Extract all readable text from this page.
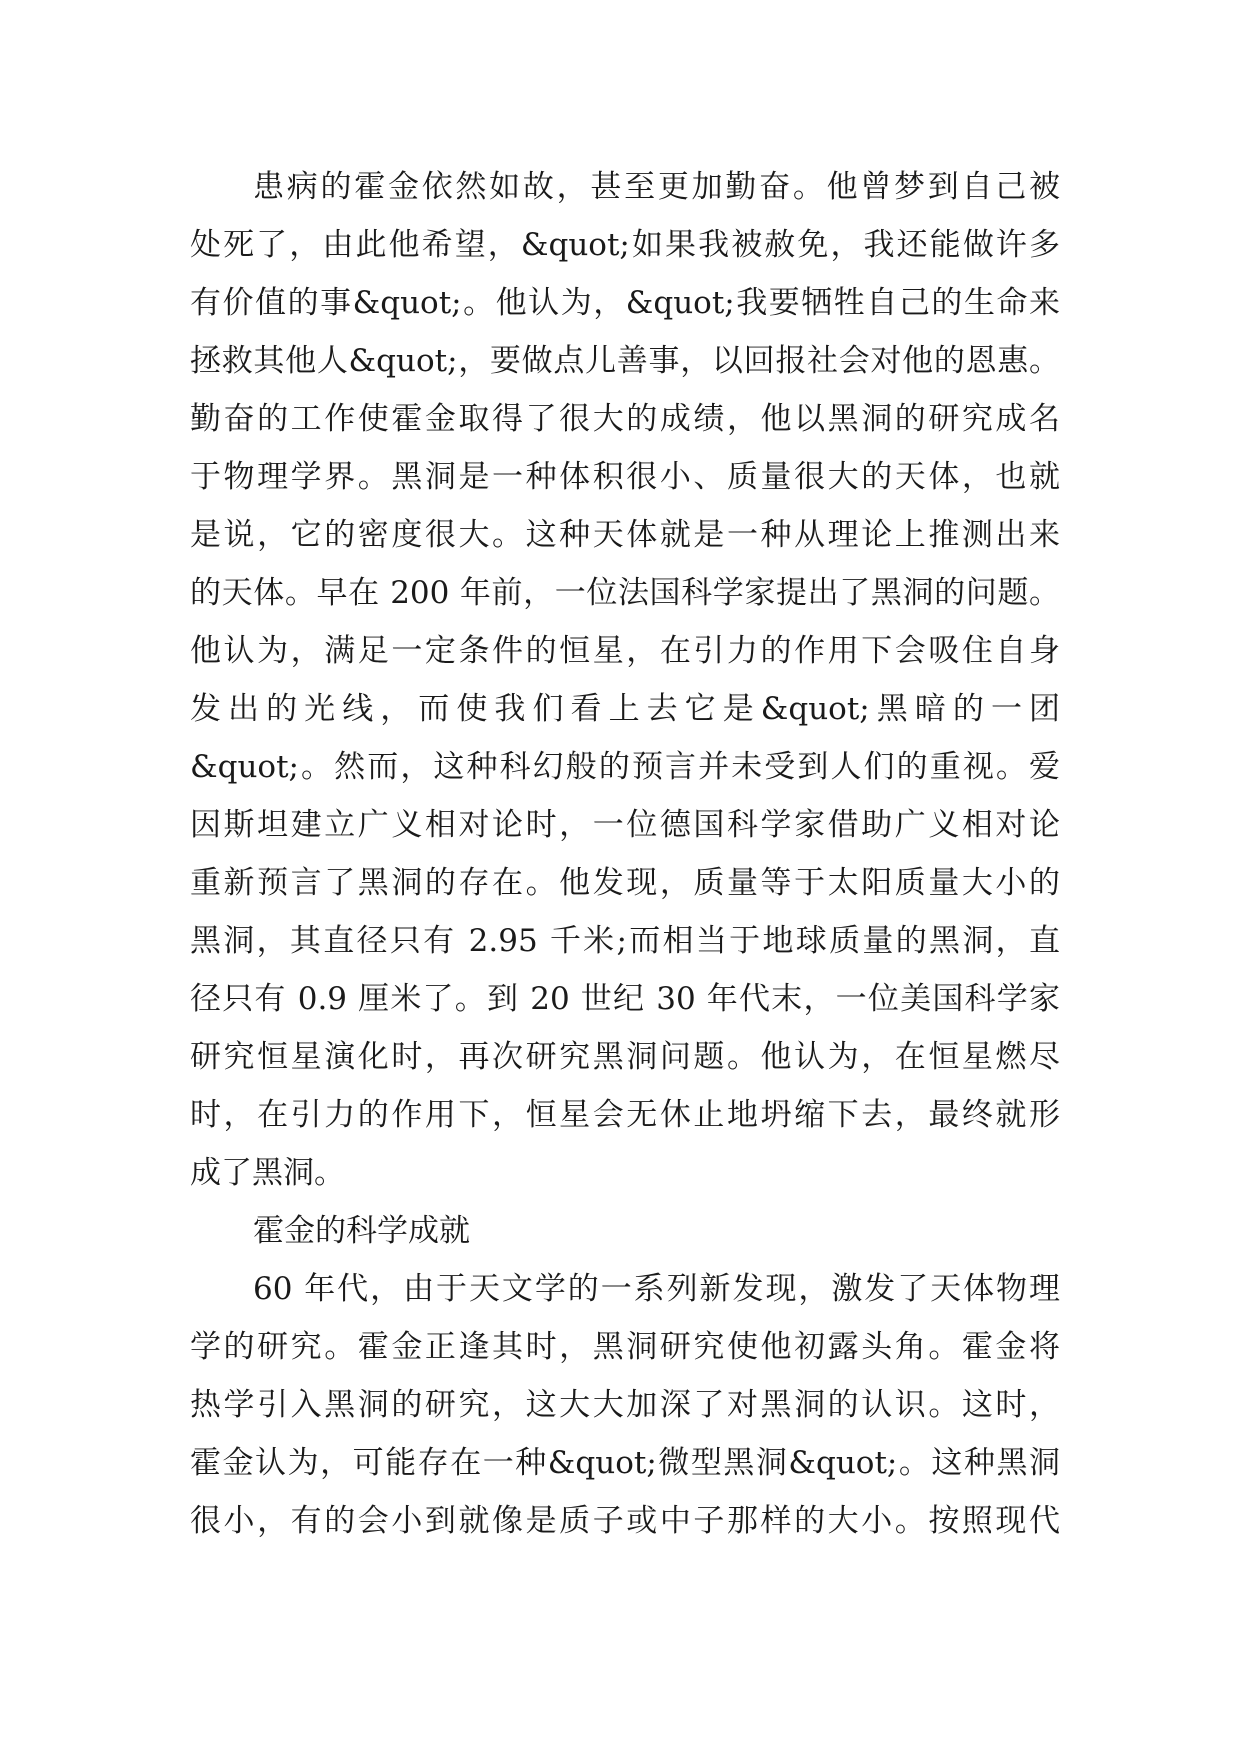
患病的霍金依然如故，甚至更加勤奋。他曾梦到自己被
处死了，由此他希望，&quot;如果我被赦免，我还能做许多
有价值的事&quot;。他认为，&quot;我要牺牲自己的生命来
拯救其他人&quot;，要做点儿善事，以回报社会对他的恩惠。
勤奋的工作使霍金取得了很大的成绩，他以黑洞的研究成名
于物理学界。黑洞是一种体积很小、质量很大的天体，也就
是说，它的密度很大。这种天体就是一种从理论上推测出来
的天体。早在 200 年前，一位法国科学家提出了黑洞的问题。
他认为，满足一定条件的恒星，在引力的作用下会吸住自身
发出的光线，而使我们看上去它是&quot;黑暗的一团
&quot;。然而，这种科幻般的预言并未受到人们的重视。爱
因斯坦建立广义相对论时，一位德国科学家借助广义相对论
重新预言了黑洞的存在。他发现，质量等于太阳质量大小的
黑洞，其直径只有 2.95 千米;而相当于地球质量的黑洞，直
径只有 0.9 厘米了。到 20 世纪 30 年代末，一位美国科学家
研究恒星演化时，再次研究黑洞问题。他认为，在恒星燃尽
时，在引力的作用下，恒星会无休止地坍缩下去，最终就形
成了黑洞。
霍金的科学成就
60 年代，由于天文学的一系列新发现，激发了天体物理
学的研究。霍金正逢其时，黑洞研究使他初露头角。霍金将
热学引入黑洞的研究，这大大加深了对黑洞的认识。这时，
霍金认为，可能存在一种&quot;微型黑洞&quot;。这种黑洞
很小，有的会小到就像是质子或中子那样的大小。按照现代
